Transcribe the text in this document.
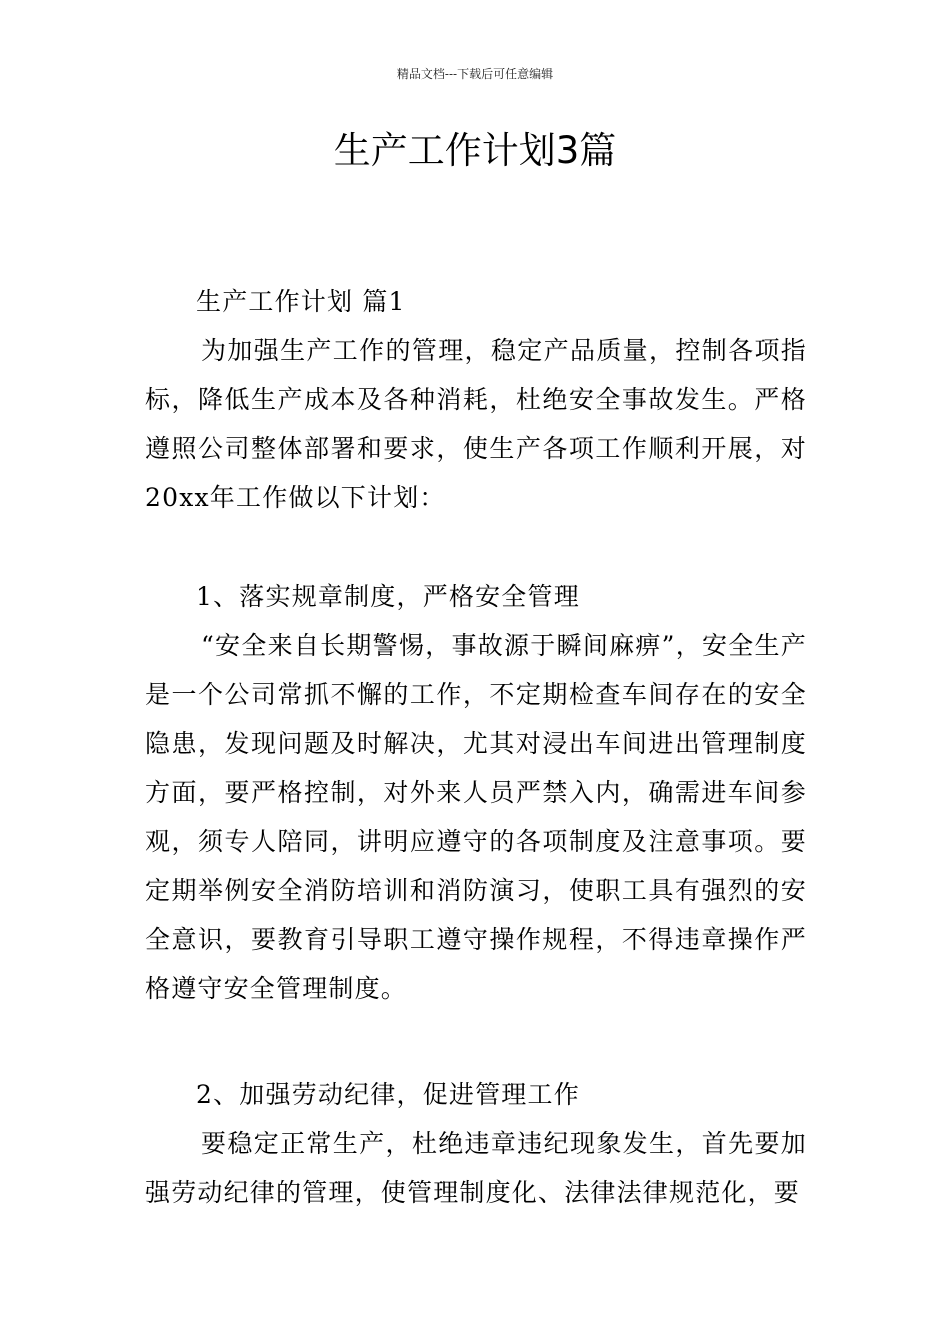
精品文档---下载后可任意编辑
生产工作计划3篇

生产工作计划 篇1

为加强生产工作的管理，稳定产品质量，控制各项指标，降低生产成本及各种消耗，杜绝安全事故发生。严格遵照公司整体部署和要求，使生产各项工作顺利开展，对20xx年工作做以下计划：

1、落实规章制度，严格安全管理

“安全来自长期警惕，事故源于瞬间麻痹”，安全生产是一个公司常抓不懈的工作，不定期检查车间存在的安全隐患，发现问题及时解决，尤其对浸出车间进出管理制度方面，要严格控制，对外来人员严禁入内，确需进车间参观，须专人陪同，讲明应遵守的各项制度及注意事项。要定期举例安全消防培训和消防演习，使职工具有强烈的安全意识，要教育引导职工遵守操作规程，不得违章操作严格遵守安全管理制度。

2、加强劳动纪律，促进管理工作

要稳定正常生产，杜绝违章违纪现象发生，首先要加强劳动纪律的管理，使管理制度化、法律法律规范化，要
